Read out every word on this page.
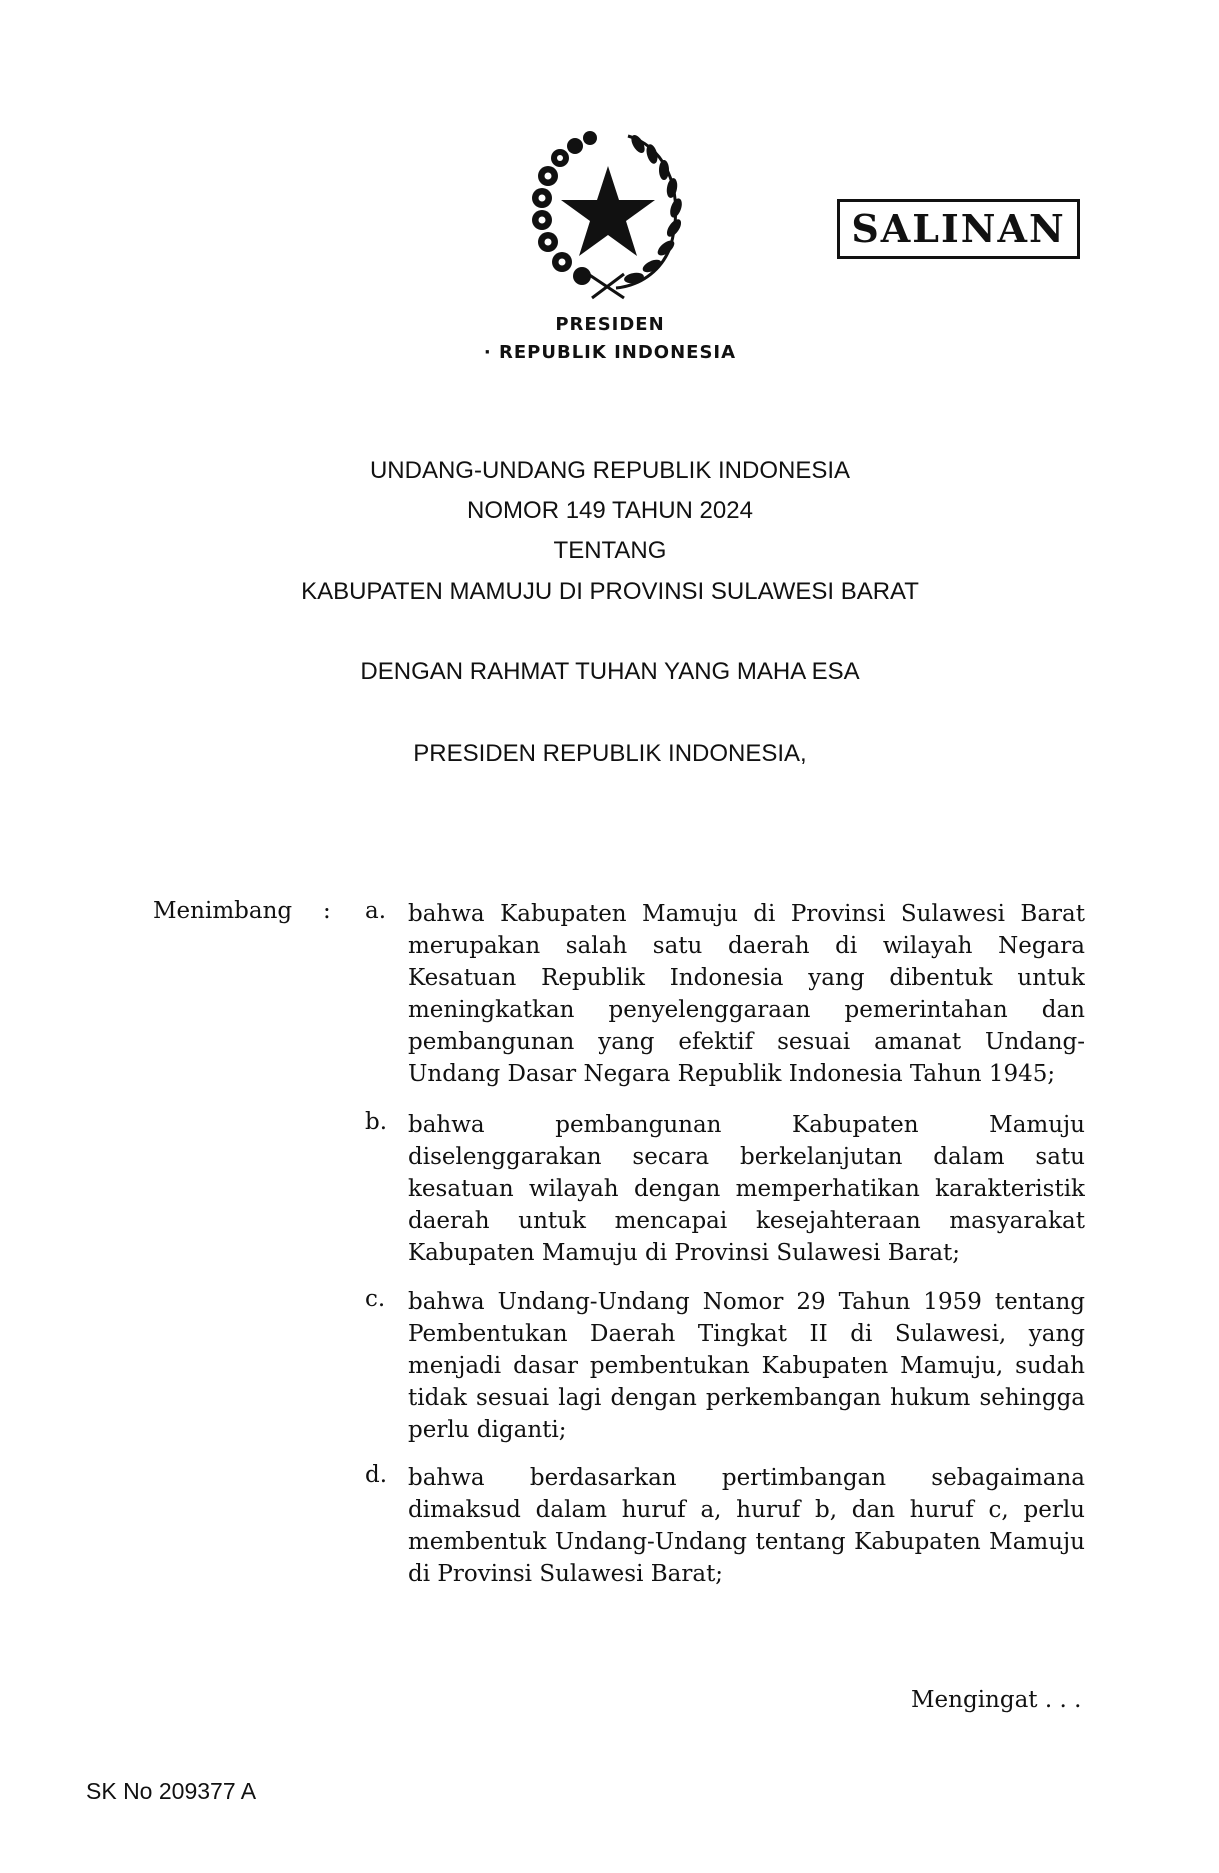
PRESIDEN
· REPUBLIK INDONESIA
SALINAN
UNDANG-UNDANG REPUBLIK INDONESIA
NOMOR 149 TAHUN 2024
TENTANG
KABUPATEN MAMUJU DI PROVINSI SULAWESI BARAT
DENGAN RAHMAT TUHAN YANG MAHA ESA
PRESIDEN REPUBLIK INDONESIA,
Menimbang : a. bahwa Kabupaten Mamuju di Provinsi Sulawesi Barat
merupakan salah satu daerah di wilayah Negara
Kesatuan Republik Indonesia yang dibentuk untuk
meningkatkan penyelenggaraan pemerintahan dan
pembangunan yang efektif sesuai amanat Undang-
Undang Dasar Negara Republik Indonesia Tahun 1945;
b. bahwa pembangunan Kabupaten Mamuju
diselenggarakan secara berkelanjutan dalam satu
kesatuan wilayah dengan memperhatikan karakteristik
daerah untuk mencapai kesejahteraan masyarakat
Kabupaten Mamuju di Provinsi Sulawesi Barat;
c. bahwa Undang-Undang Nomor 29 Tahun 1959 tentang
Pembentukan Daerah Tingkat II di Sulawesi, yang
menjadi dasar pembentukan Kabupaten Mamuju, sudah
tidak sesuai lagi dengan perkembangan hukum sehingga
perlu diganti;
d. bahwa berdasarkan pertimbangan sebagaimana
dimaksud dalam huruf a, huruf b, dan huruf c, perlu
membentuk Undang-Undang tentang Kabupaten Mamuju
di Provinsi Sulawesi Barat;
Mengingat . . .
SK No 209377 A
